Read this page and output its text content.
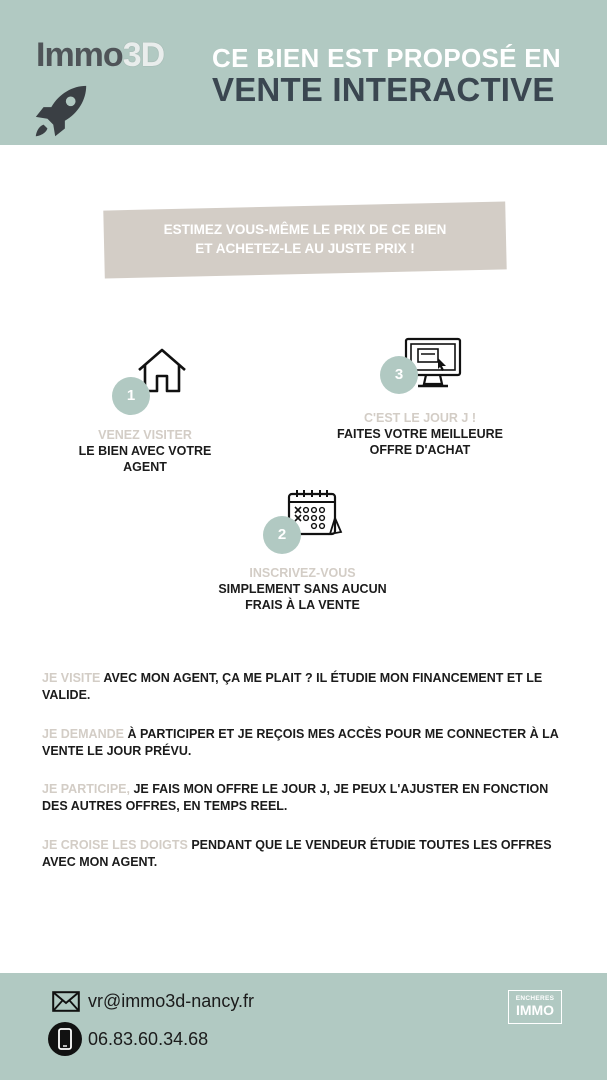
Immo3D CE BIEN EST PROPOSÉ EN
VENTE INTERACTIVE
ESTIMEZ VOUS-MÊME LE PRIX DE CE BIEN
ET ACHETEZ-LE AU JUSTE PRIX !
1
VENEZ VISITER
LE BIEN AVEC VOTRE AGENT
3
C'EST LE JOUR J !
FAITES VOTRE MEILLEURE OFFRE D'ACHAT
2
INSCRIVEZ-VOUS
SIMPLEMENT SANS AUCUN FRAIS À LA VENTE
JE VISITE AVEC MON AGENT, ÇA ME PLAIT ? IL ÉTUDIE MON FINANCEMENT ET LE VALIDE.
JE DEMANDE À PARTICIPER ET JE REÇOIS MES ACCÈS POUR ME CONNECTER À LA VENTE LE JOUR PRÉVU.
JE PARTICIPE, JE FAIS MON OFFRE LE JOUR J, JE PEUX L'AJUSTER EN FONCTION DES AUTRES OFFRES, EN TEMPS REEL.
JE CROISE LES DOIGTS PENDANT QUE LE VENDEUR ÉTUDIE TOUTES LES OFFRES AVEC MON AGENT.
vr@immo3d-nancy.fr
06.83.60.34.68
ENCHERES
IMMO
